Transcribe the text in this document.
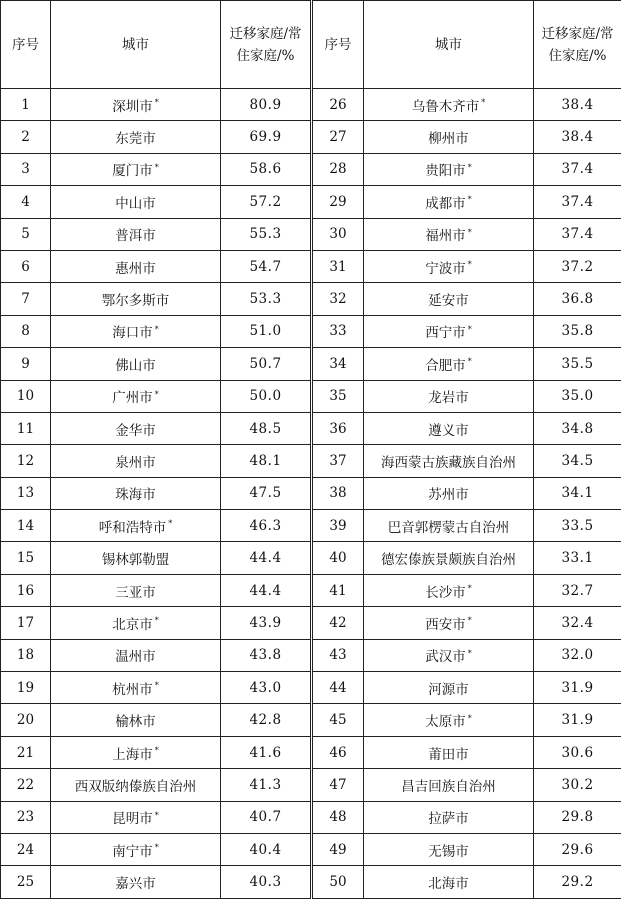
序号	城市	迁移家庭/常住家庭/%	序号	城市	迁移家庭/常住家庭/%
1	深圳市 *	80.9	26	乌鲁木齐市 *	38.4
2	东莞市	69.9	27	柳州市	38.4
3	厦门市 *	58.6	28	贵阳市 *	37.4
4	中山市	57.2	29	成都市 *	37.4
5	普洱市	55.3	30	福州市 *	37.4
6	惠州市	54.7	31	宁波市 *	37.2
7	鄂尔多斯市	53.3	32	延安市	36.8
8	海口市 *	51.0	33	西宁市 *	35.8
9	佛山市	50.7	34	合肥市 *	35.5
10	广州市 *	50.0	35	龙岩市	35.0
11	金华市	48.5	36	遵义市	34.8
12	泉州市	48.1	37	海西蒙古族藏族自治州	34.5
13	珠海市	47.5	38	苏州市	34.1
14	呼和浩特市 *	46.3	39	巴音郭楞蒙古自治州	33.5
15	锡林郭勒盟	44.4	40	德宏傣族景颇族自治州	33.1
16	三亚市	44.4	41	长沙市 *	32.7
17	北京市 *	43.9	42	西安市 *	32.4
18	温州市	43.8	43	武汉市 *	32.0
19	杭州市 *	43.0	44	河源市	31.9
20	榆林市	42.8	45	太原市 *	31.9
21	上海市 *	41.6	46	莆田市	30.6
22	西双版纳傣族自治州	41.3	47	昌吉回族自治州	30.2
23	昆明市 *	40.7	48	拉萨市	29.8
24	南宁市 *	40.4	49	无锡市	29.6
25	嘉兴市	40.3	50	北海市	29.2
